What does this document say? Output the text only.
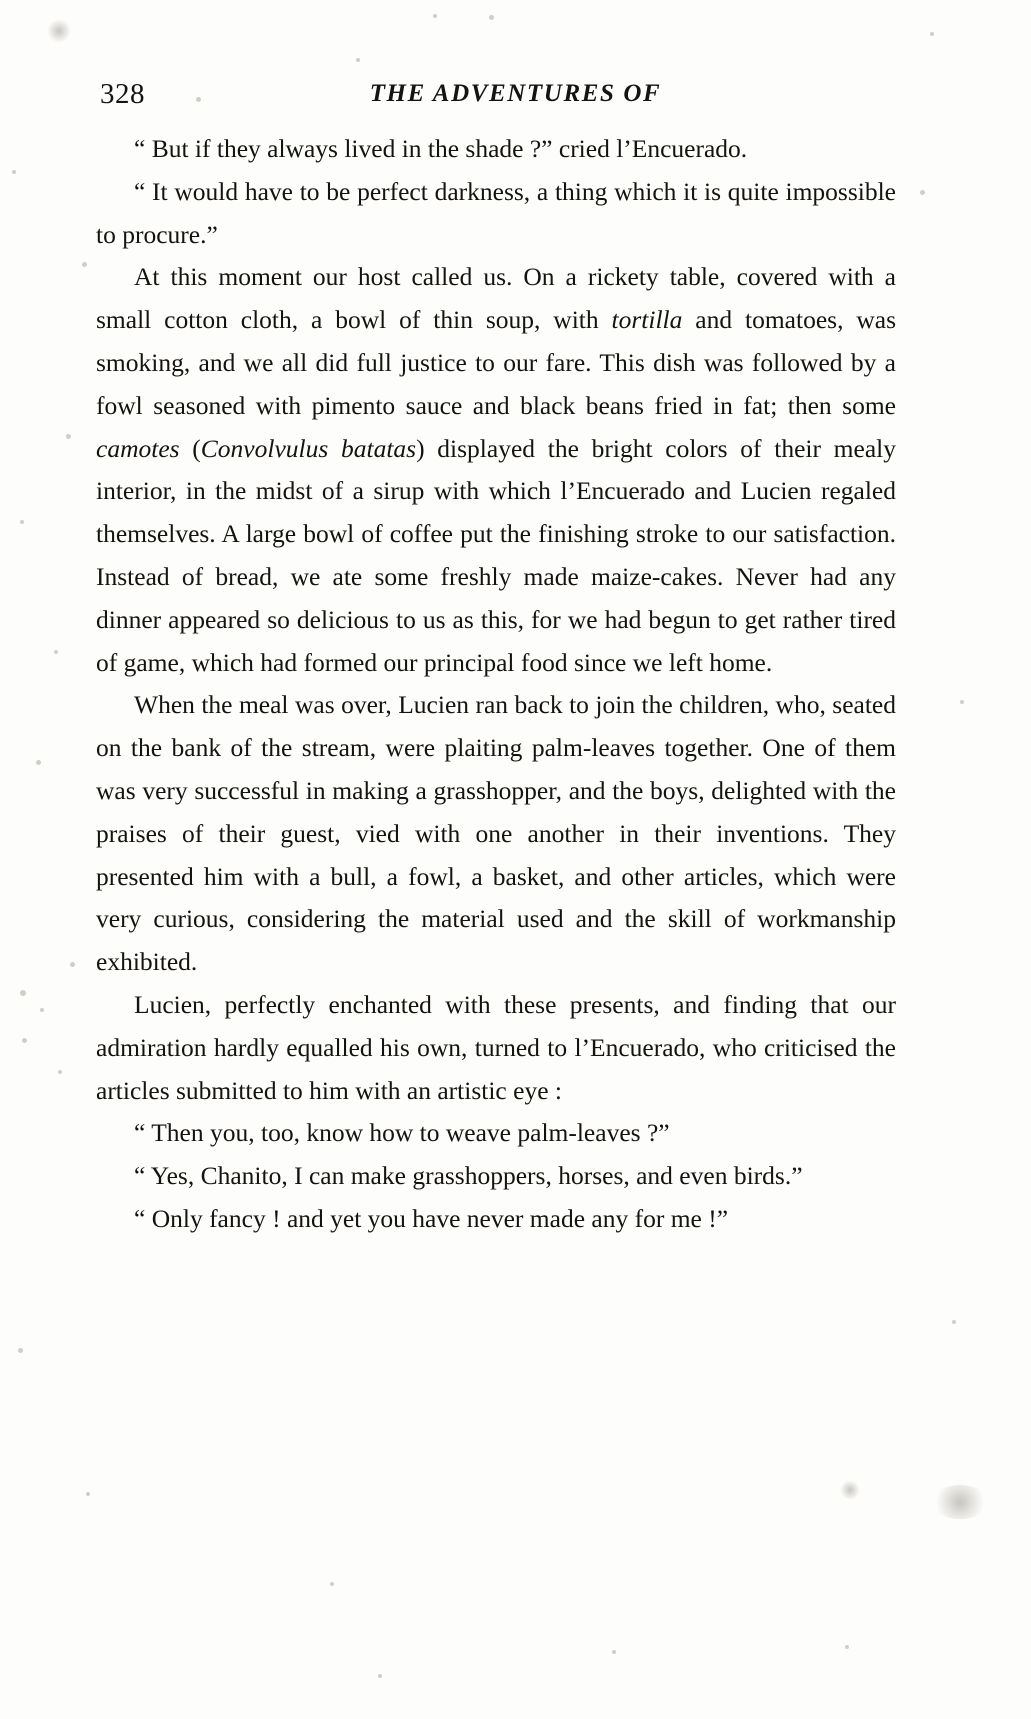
328	THE ADVENTURES OF

“ But if they always lived in the shade ?” cried l’Encuerado.

“ It would have to be perfect darkness, a thing which it is quite impossible to procure.”

At this moment our host called us. On a rickety table, covered with a small cotton cloth, a bowl of thin soup, with tortilla and tomatoes, was smoking, and we all did full justice to our fare. This dish was followed by a fowl seasoned with pimento sauce and black beans fried in fat; then some camotes (Convolvulus batatas) displayed the bright colors of their mealy interior, in the midst of a sirup with which l’Encuerado and Lucien regaled themselves. A large bowl of coffee put the finishing stroke to our satisfaction. Instead of bread, we ate some freshly made maize-cakes. Never had any dinner appeared so delicious to us as this, for we had begun to get rather tired of game, which had formed our principal food since we left home.

When the meal was over, Lucien ran back to join the children, who, seated on the bank of the stream, were plaiting palm-leaves together. One of them was very successful in making a grasshopper, and the boys, delighted with the praises of their guest, vied with one another in their inventions. They presented him with a bull, a fowl, a basket, and other articles, which were very curious, considering the material used and the skill of workmanship exhibited.

Lucien, perfectly enchanted with these presents, and finding that our admiration hardly equalled his own, turned to l’Encuerado, who criticised the articles submitted to him with an artistic eye :

“ Then you, too, know how to weave palm-leaves ?”

“ Yes, Chanito, I can make grasshoppers, horses, and even birds.”

“ Only fancy ! and yet you have never made any for me !”
